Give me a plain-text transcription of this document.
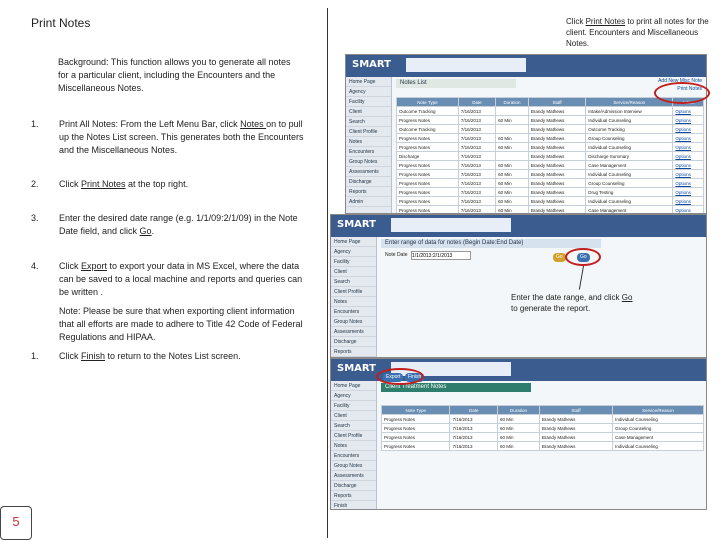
Print Notes	Click Print Notes to print all notes for the client. Encounters and Miscellaneous Notes.
Background: This function allows you to generate all notes for a particular client, including the Encounters and the Miscellaneous Notes.
1.	Print All Notes: From the Left Menu Bar, click Notes on to pull up the Notes List screen. This generates both the Encounters and the Miscellaneous Notes.
2.	Click Print Notes at the top right.
3.	Enter the desired date range (e.g. 1/1/09:2/1/09) in the Note Date field, and click Go.
4.	Click Export to export your data in MS Excel, where the data can be saved to a local machine and reports and queries can be written .
Note: Please be sure that when exporting client information that all efforts are made to adhere to Title 42 Code of Federal Regulations and HIPAA.
1.	Click Finish to return to the Notes List screen.
5
SMART
Home Page
Agency
Facility
Client
Search
Client Profile
Notes
Encounters
Group Notes
Assessments
Discharge
Reports
Admin
Notes List	Add New Misc Note
Print Notes
Note Type	Date	Duration	Staff	Service/Reason	Action
Outcome Tracking	7/16/2013		Brandy Mathews	Intake/Admission Interview	Options
Progress Notes	7/16/2013	60 Min	Brandy Mathews	Individual Counseling	Options
Outcome Tracking	7/16/2013		Brandy Mathews	Outcome Tracking	Options
Progress Notes	7/16/2013	60 Min	Brandy Mathews	Group Counseling	Options
Progress Notes	7/16/2013	60 Min	Brandy Mathews	Individual Counseling	Options
Discharge	7/16/2013		Brandy Mathews	Discharge Summary	Options
Progress Notes	7/16/2013	60 Min	Brandy Mathews	Case Management	Options
Progress Notes	7/16/2013	60 Min	Brandy Mathews	Individual Counseling	Options
Progress Notes	7/16/2013	60 Min	Brandy Mathews	Group Counseling	Options
Progress Notes	7/16/2013	60 Min	Brandy Mathews	Drug Testing	Options
Progress Notes	7/16/2013	60 Min	Brandy Mathews	Individual Counseling	Options
Progress Notes	7/16/2013	60 Min	Brandy Mathews	Case Management	Options
SMART
Home Page
Agency
Facility
Client
Search
Client Profile
Notes
Encounters
Group Notes
Assessments
Discharge
Reports
Enter range of data for notes (Begin Date:End Date)
Note Date
1/1/2013:2/1/2013	Go	Go
Enter the date range, and click Go to generate the report.
SMART
Home Page
Agency
Facility
Client
Search
Client Profile
Notes
Encounters
Group Notes
Assessments
Discharge
Reports
Finish
Export	Finish
Client Treatment Notes
Note Type	Date	Duration	Staff	Service/Reason
Progress Notes	7/16/2013	60 Min	Brandy Mathews	Individual Counseling
Progress Notes	7/16/2013	60 Min	Brandy Mathews	Group Counseling
Progress Notes	7/16/2013	60 Min	Brandy Mathews	Case Management
Progress Notes	7/16/2013	60 Min	Brandy Mathews	Individual Counseling
